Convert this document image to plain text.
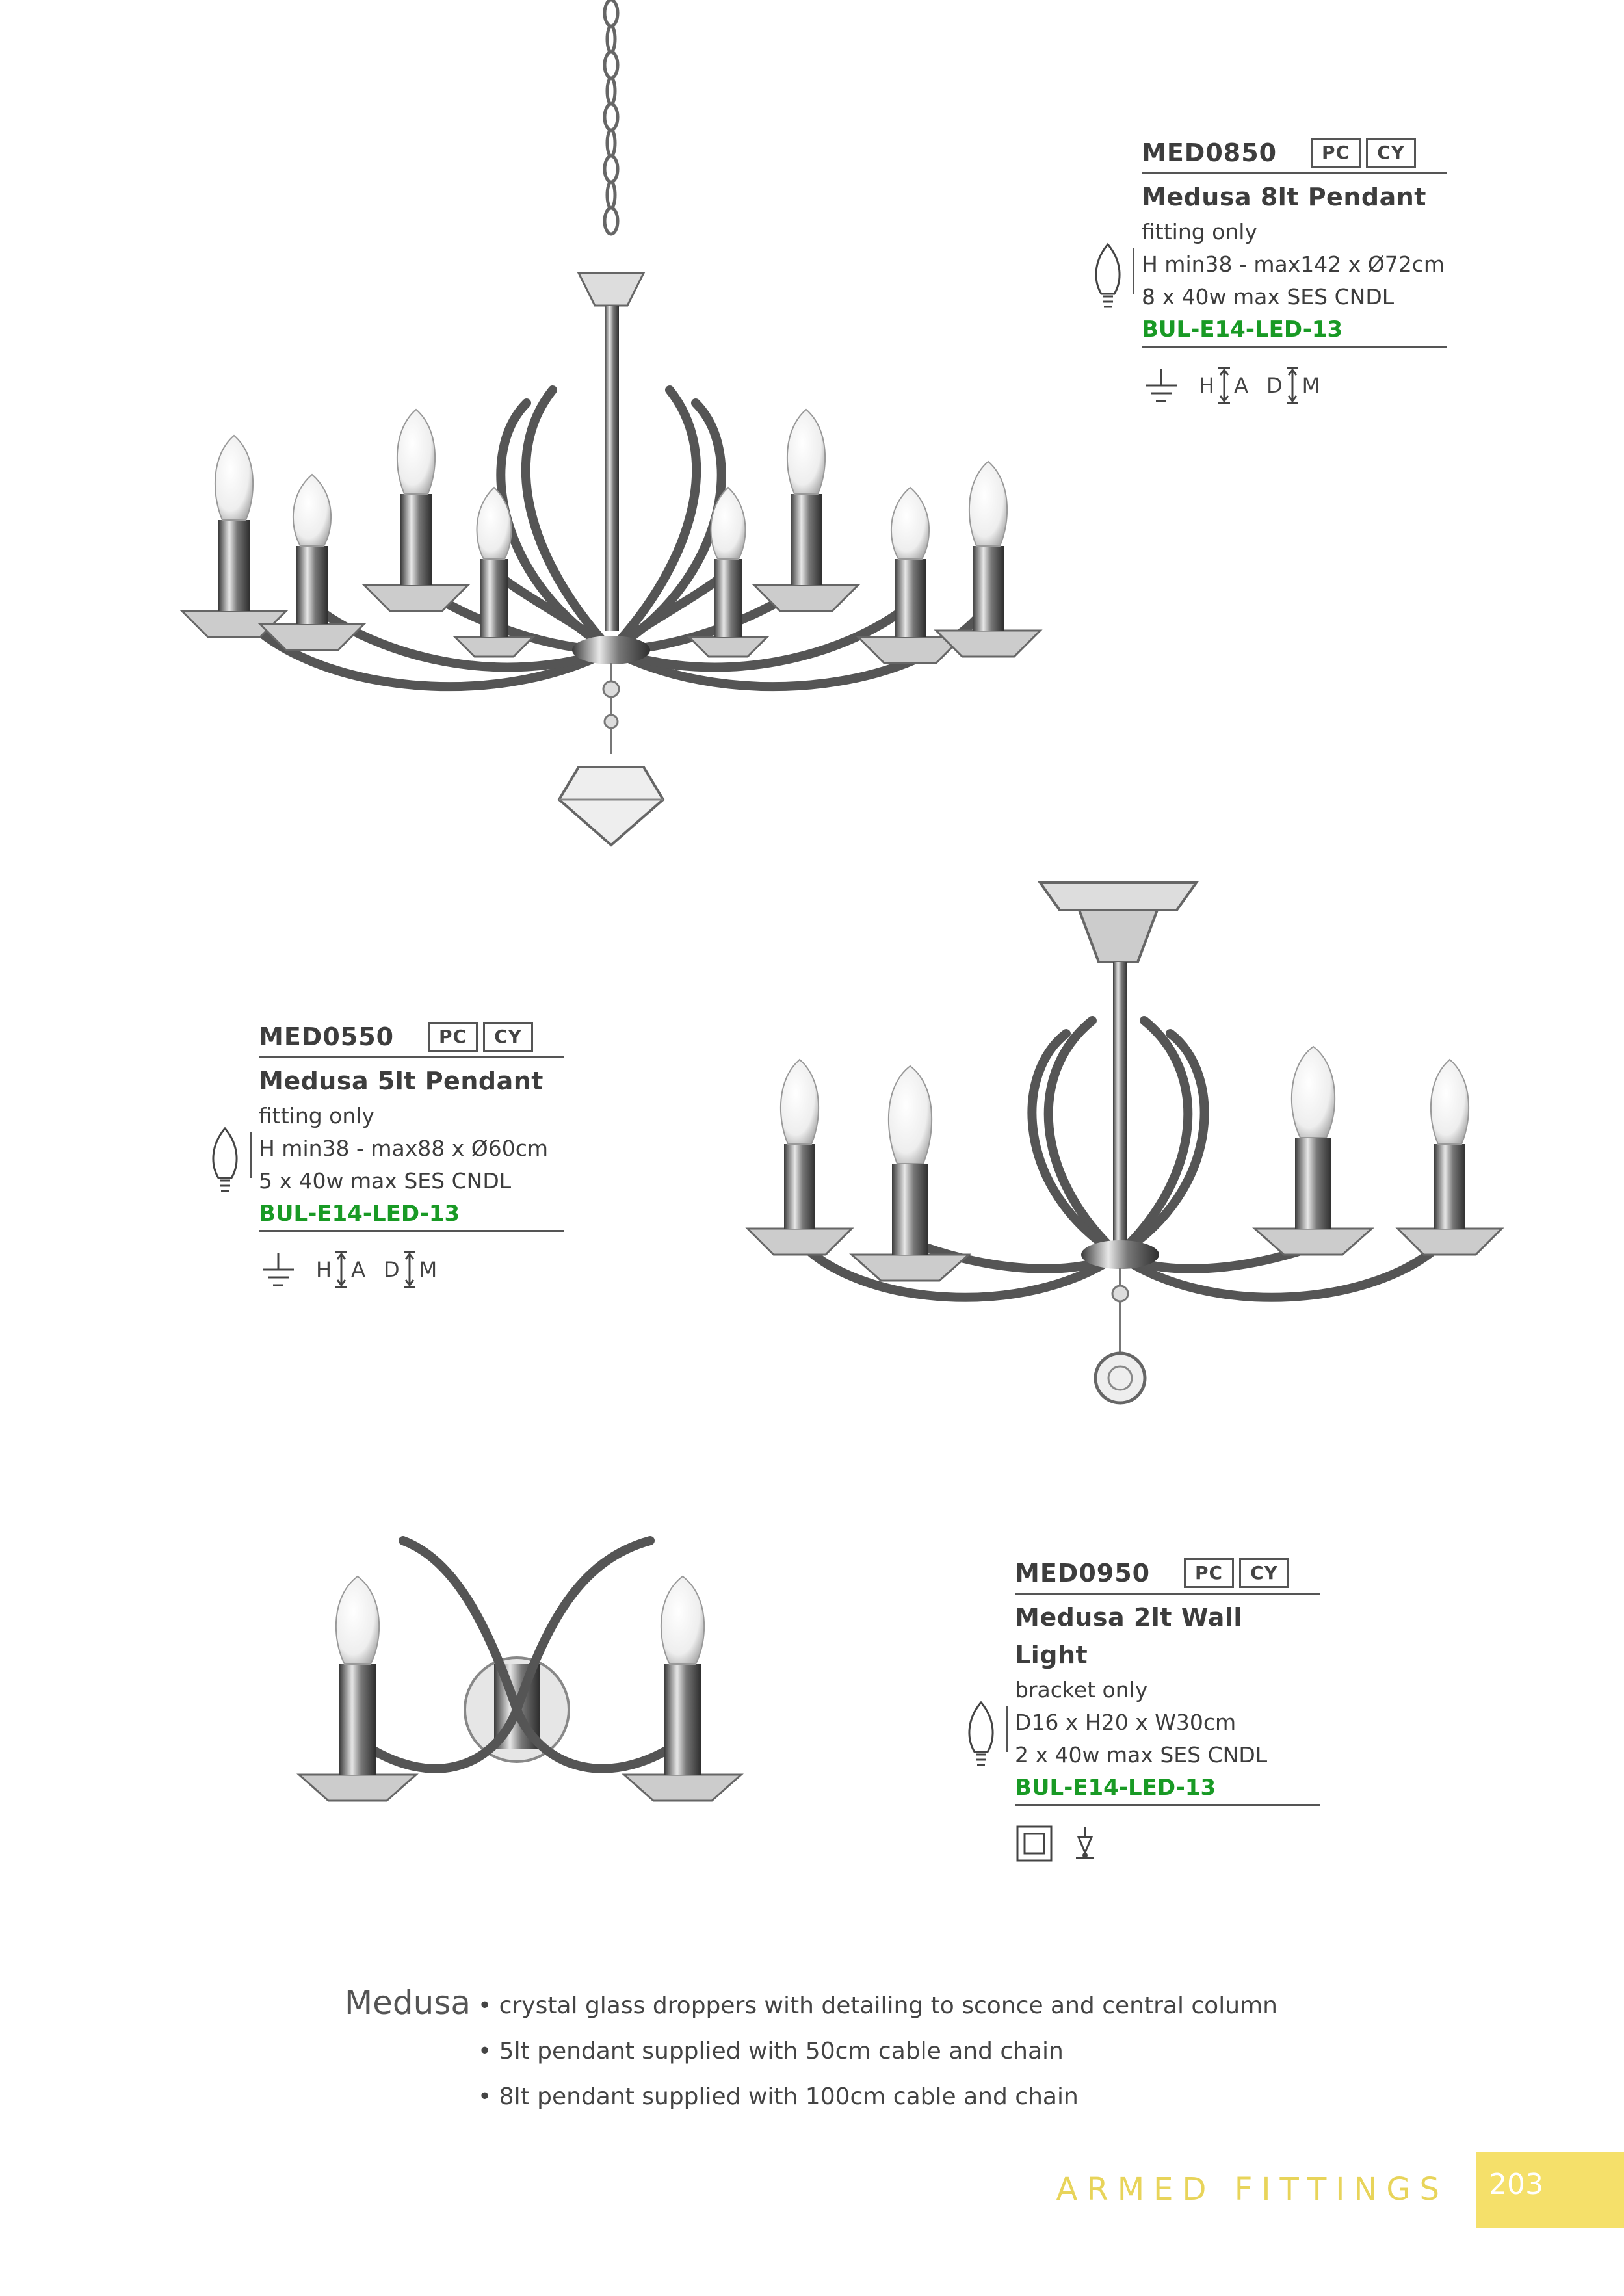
MED0850	PC	CY
Medusa 8lt Pendant
fitting only
H min38 - max142 x Ø72cm
8 x 40w max SES CNDL
BUL-E14-LED-13
H A D M
MED0550	PC	CY
Medusa 5lt Pendant
fitting only
H min38 - max88 x Ø60cm
5 x 40w max SES CNDL
BUL-E14-LED-13
H A D M
MED0950	PC	CY
Medusa 2lt Wall Light
bracket only
D16 x H20 x W30cm
2 x 40w max SES CNDL
BUL-E14-LED-13
Medusa • crystal glass droppers with detailing to sconce and central column
• 5lt pendant supplied with 50cm cable and chain
• 8lt pendant supplied with 100cm cable and chain
ARMED FITTINGS 203
